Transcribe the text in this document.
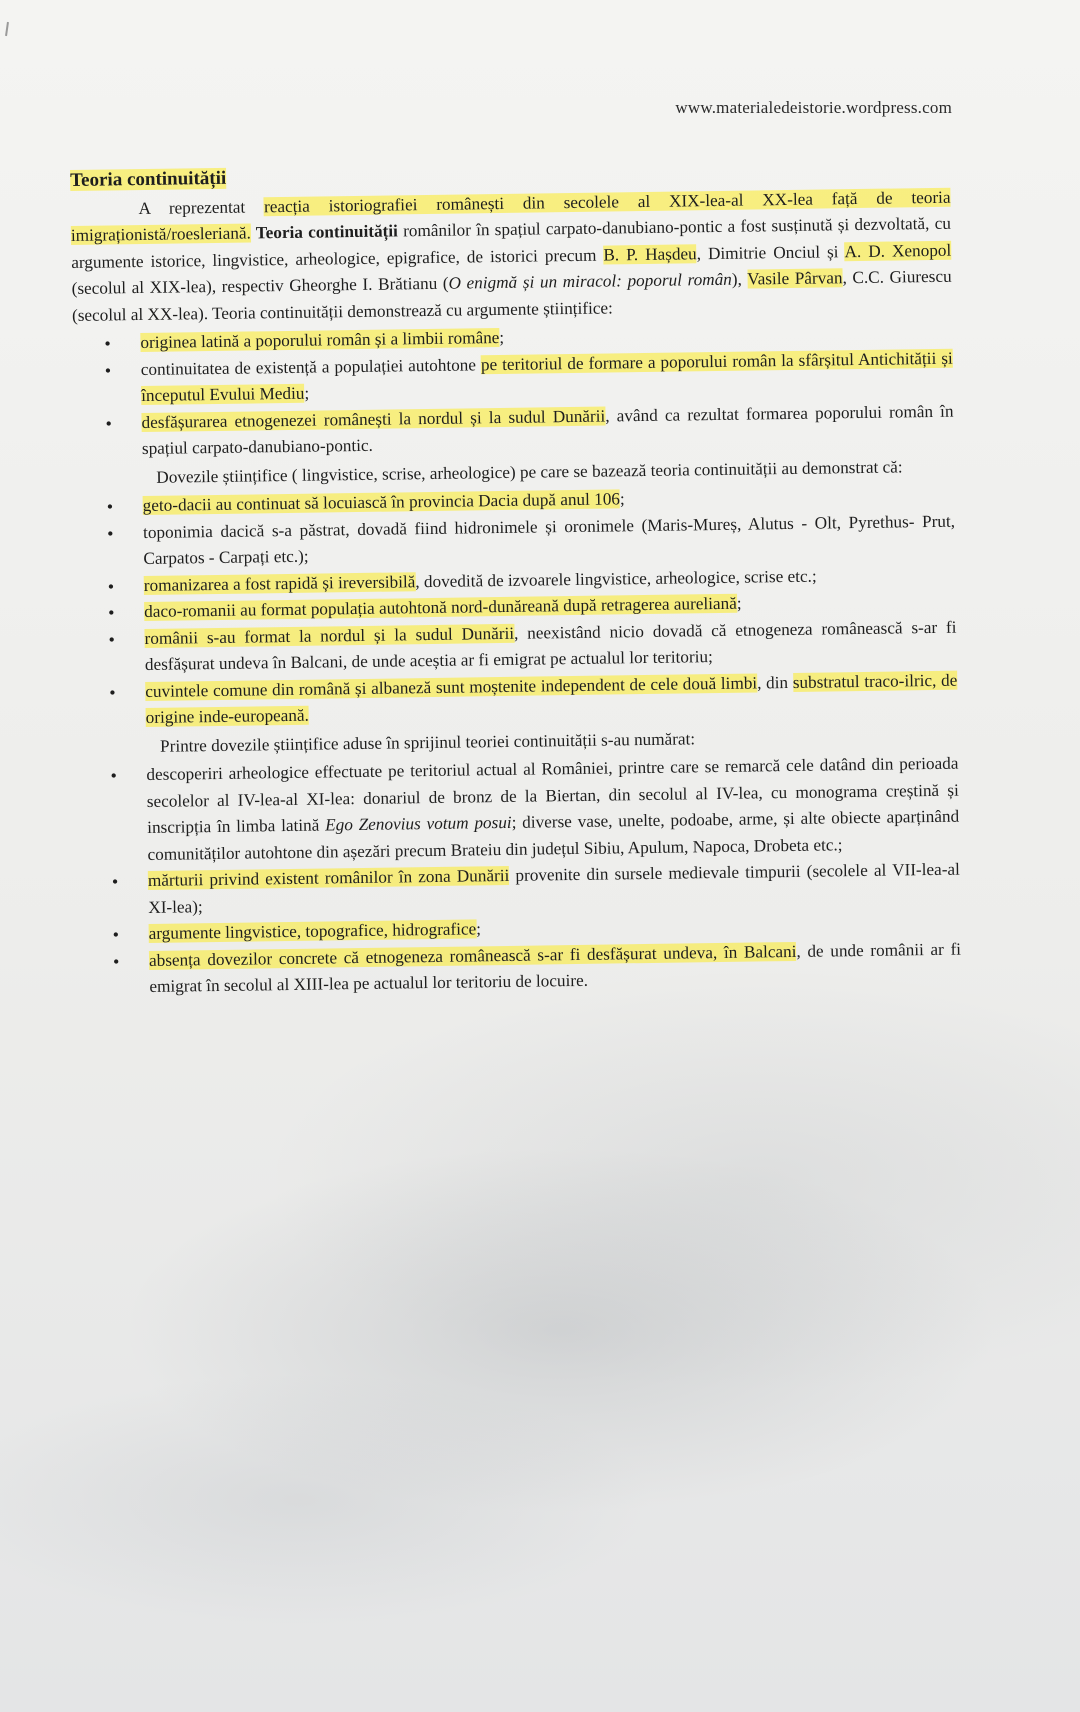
www.materialedeistorie.wordpress.com
Teoria continuității

A reprezentat reacția istoriografiei românești din secolele al XIX-lea-al XX-lea față de teoria imigraționistă/roesleriană. Teoria continuității românilor în spațiul carpato-danubiano-pontic a fost susținută și dezvoltată, cu argumente istorice, lingvistice, arheologice, epigrafice, de istorici precum B. P. Hașdeu, Dimitrie Onciul și A. D. Xenopol (secolul al XIX-lea), respectiv Gheorghe I. Brătianu (O enigmă și un miracol: poporul român), Vasile Pârvan, C.C. Giurescu (secolul al XX-lea). Teoria continuității demonstrează cu argumente științifice:

• originea latină a poporului român și a limbii române;
• continuitatea de existență a populației autohtone pe teritoriul de formare a poporului român la sfârșitul Antichității și începutul Evului Mediu;
• desfășurarea etnogenezei românești la nordul și la sudul Dunării, având ca rezultat formarea poporului român în spațiul carpato-danubiano-pontic.

Dovezile științifice ( lingvistice, scrise, arheologice) pe care se bazează teoria continuității au demonstrat că:

• geto-dacii au continuat să locuiască în provincia Dacia după anul 106;
• toponimia dacică s-a păstrat, dovadă fiind hidronimele și oronimele (Maris-Mureș, Alutus - Olt, Pyrethus- Prut, Carpatos - Carpați etc.);
• romanizarea a fost rapidă și ireversibilă, dovedită de izvoarele lingvistice, arheologice, scrise etc.;
• daco-romanii au format populația autohtonă nord-dunăreană după retragerea aureliană;
• românii s-au format la nordul și la sudul Dunării, neexistând nicio dovadă că etnogeneza românească s-ar fi desfășurat undeva în Balcani, de unde aceștia ar fi emigrat pe actualul lor teritoriu;
• cuvintele comune din română și albaneză sunt moștenite independent de cele două limbi, din substratul traco-ilric, de origine inde-europeană.

Printre dovezile științifice aduse în sprijinul teoriei continuității s-au numărat:

• descoperiri arheologice effectuate pe teritoriul actual al României, printre care se remarcă cele datând din perioada secolelor al IV-lea-al XI-lea: donariul de bronz de la Biertan, din secolul al IV-lea, cu monograma creștină și inscripția în limba latină Ego Zenovius votum posui; diverse vase, unelte, podoabe, arme, și alte obiecte aparținând comunităților autohtone din așezări precum Brateiu din județul Sibiu, Apulum, Napoca, Drobeta etc.;
• mărturii privind existent românilor în zona Dunării provenite din sursele medievale timpurii (secolele al VII-lea-al XI-lea);
• argumente lingvistice, topografice, hidrografice;
• absența dovezilor concrete că etnogeneza românească s-ar fi desfășurat undeva, în Balcani, de unde românii ar fi emigrat în secolul al XIII-lea pe actualul lor teritoriu de locuire.
